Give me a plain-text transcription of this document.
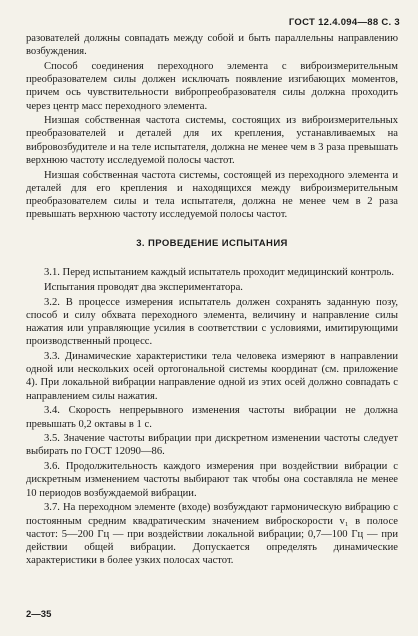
ГОСТ 12.4.094—88 С. 3

разователей должны совпадать между собой и быть параллельны направлению возбуждения.

Способ соединения переходного элемента с виброизмерительным преобразователем силы должен исключать появление изгибающих моментов, причем ось чувствительности вибропреобразователя силы должна проходить через центр масс переходного элемента.

Низшая собственная частота системы, состоящих из виброизмерительных преобразователей и деталей для их крепления, устанавливаемых на вибровозбудителе и на теле испытателя, должна не менее чем в 3 раза превышать верхнюю частоту исследуемой полосы частот.

Низшая собственная частота системы, состоящей из переходного элемента и деталей для его крепления и находящихся между виброизмерительным преобразователем силы и тела испытателя, должна не менее чем в 2 раза превышать верхнюю частоту исследуемой полосы частот.

3. ПРОВЕДЕНИЕ ИСПЫТАНИЯ

3.1. Перед испытанием каждый испытатель проходит медицинский контроль.

Испытания проводят два экспериментатора.

3.2. В процессе измерения испытатель должен сохранять заданную позу, способ и силу обхвата переходного элемента, величину и направление силы нажатия или управляющие усилия в соответствии с условиями, имитирующими производственный процесс.

3.3. Динамические характеристики тела человека измеряют в направлении одной или нескольких осей ортогональной системы координат (см. приложение 4). При локальной вибрации направление одной из этих осей должно совпадать с направлением силы нажатия.

3.4. Скорость непрерывного изменения частоты вибрации не должна превышать 0,2 октавы в 1 с.

3.5. Значение частоты вибрации при дискретном изменении частоты следует выбирать по ГОСТ 12090—86.

3.6. Продолжительность каждого измерения при воздействии вибрации с дискретным изменением частоты выбирают так чтобы она составляла не менее 10 периодов возбуждаемой вибрации.

3.7. На переходном элементе (входе) возбуждают гармоническую вибрацию с постоянным средним квадратическим значением виброскорости v₁ в полосе частот: 5—200 Гц — при воздействии локальной вибрации; 0,7—100 Гц — при действии общей вибрации. Допускается определять динамические характеристики в более узких полосах частот.

2—35
